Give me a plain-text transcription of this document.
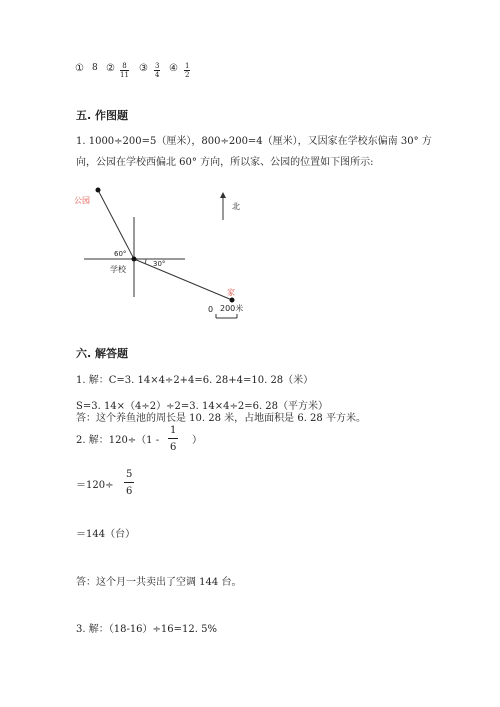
① 8 ② $\frac{8}{11}$ ③ $\frac{3}{4}$ ④ $\frac{1}{2}$
五. 作图题
1. 1000÷200=5（厘米），800÷200=4（厘米），又因家在学校东偏南 30° 方
向，公园在学校西偏北 60° 方向，所以家、公园的位置如下图所示:
公园
家
学校
60°
30°
北
0 200米
六. 解答题
1. 解：C=3. 14×4÷2+4=6. 28+4=10. 28（米）
S=3. 14×（4÷2）÷2=3. 14×4÷2=6. 28（平方米）
答：这个养鱼池的周长是 10. 28 米，占地面积是 6. 28 平方米。
2. 解：$120\div(1 - \frac{1}{6}$ ）
$=120\div \frac{5}{6}$
＝144（台）
答：这个月一共卖出了空调 144 台。
3. 解：（18-16）÷16=12. 5%
